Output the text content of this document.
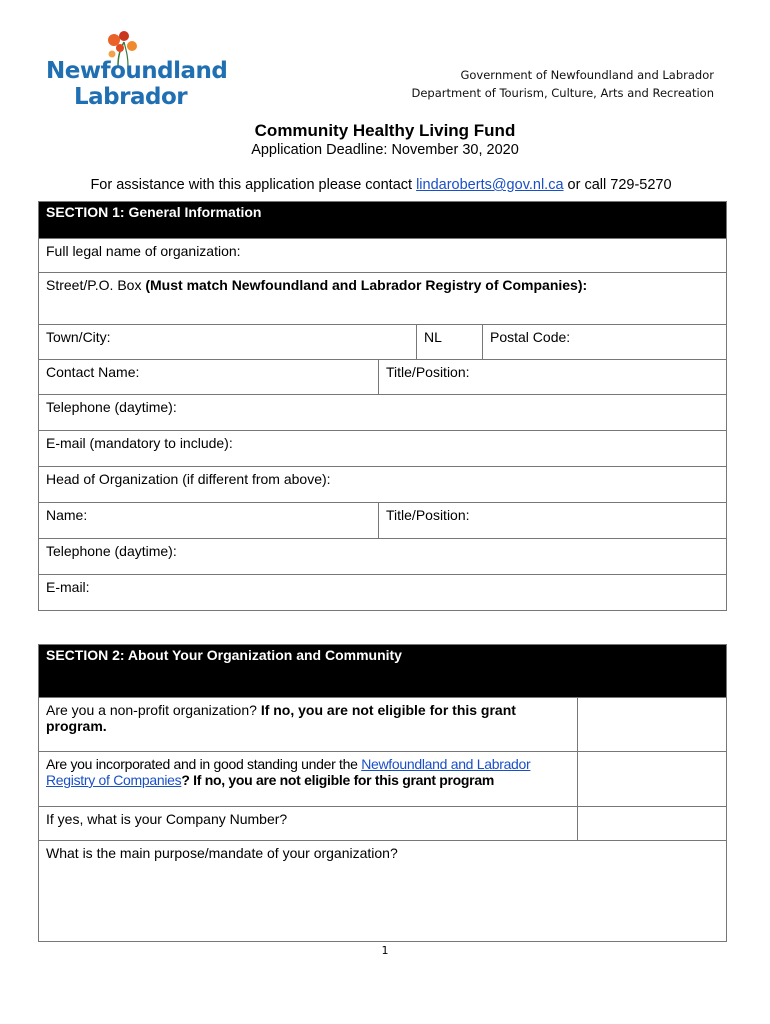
Newfoundland
Labrador
Government of Newfoundland and Labrador
Department of Tourism, Culture, Arts and Recreation
Community Healthy Living Fund
Application Deadline: November 30, 2020
For assistance with this application please contact lindaroberts@gov.nl.ca or call 729-5270
SECTION 1: General Information			
Full legal name of organization:			
Street/P.O. Box (Must match Newfoundland and Labrador Registry of Companies):			
Town/City:		NL	Postal Code:
Contact Name:	Title/Position:		
Telephone (daytime):			
E-mail (mandatory to include):			
Head of Organization (if different from above):			
Name:	Title/Position:		
Telephone (daytime):			
E-mail:			
SECTION 2: About Your Organization and Community	
Are you a non-profit organization? If no, you are not eligible for this grant program.	
Are you incorporated and in good standing under the Newfoundland and Labrador Registry of Companies? If no, you are not eligible for this grant program	
If yes, what is your Company Number?	
What is the main purpose/mandate of your organization?	
1
